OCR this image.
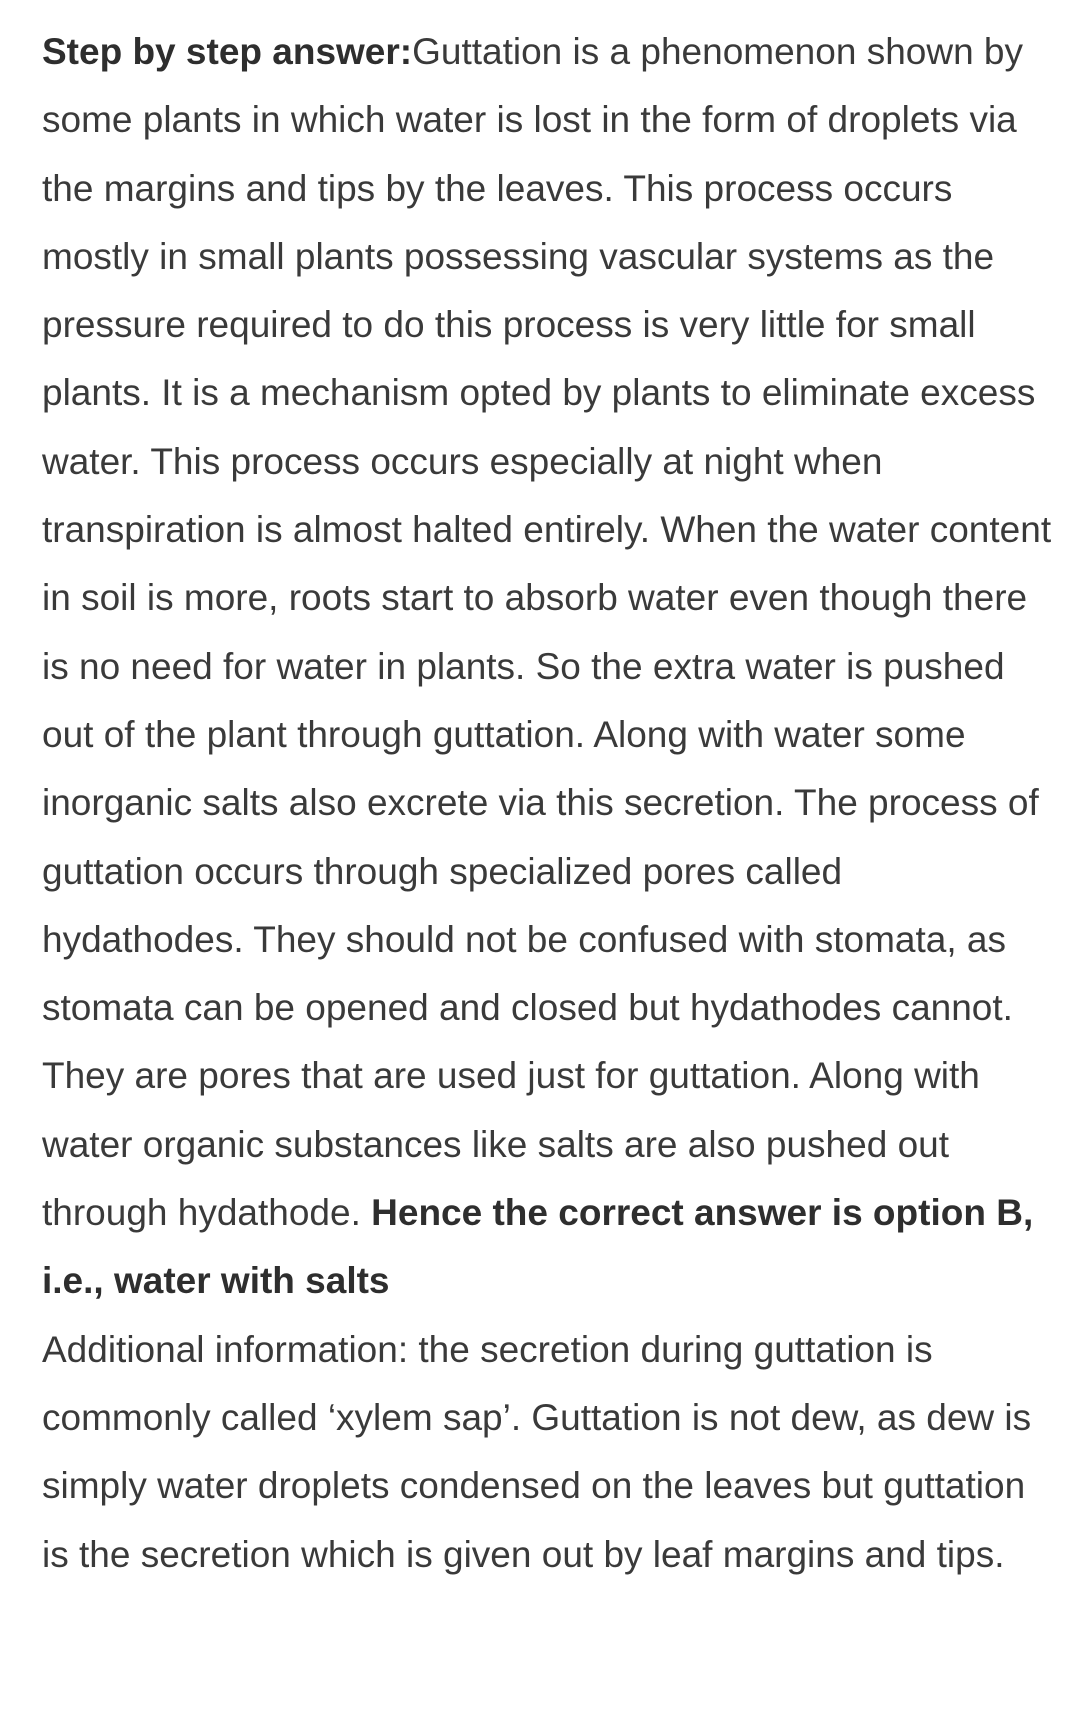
Step by step answer:Guttation is a phenomenon shown by some plants in which water is lost in the form of droplets via the margins and tips by the leaves. This process occurs mostly in small plants possessing vascular systems as the pressure required to do this process is very little for small plants. It is a mechanism opted by plants to eliminate excess water. This process occurs especially at night when transpiration is almost halted entirely. When the water content in soil is more, roots start to absorb water even though there is no need for water in plants. So the extra water is pushed out of the plant through guttation. Along with water some inorganic salts also excrete via this secretion. The process of guttation occurs through specialized pores called hydathodes. They should not be confused with stomata, as stomata can be opened and closed but hydathodes cannot. They are pores that are used just for guttation. Along with water organic substances like salts are also pushed out through hydathode. Hence the correct answer is option B, i.e., water with salts

Additional information: the secretion during guttation is commonly called ‘xylem sap’. Guttation is not dew, as dew is simply water droplets condensed on the leaves but guttation is the secretion which is given out by leaf margins and tips.
